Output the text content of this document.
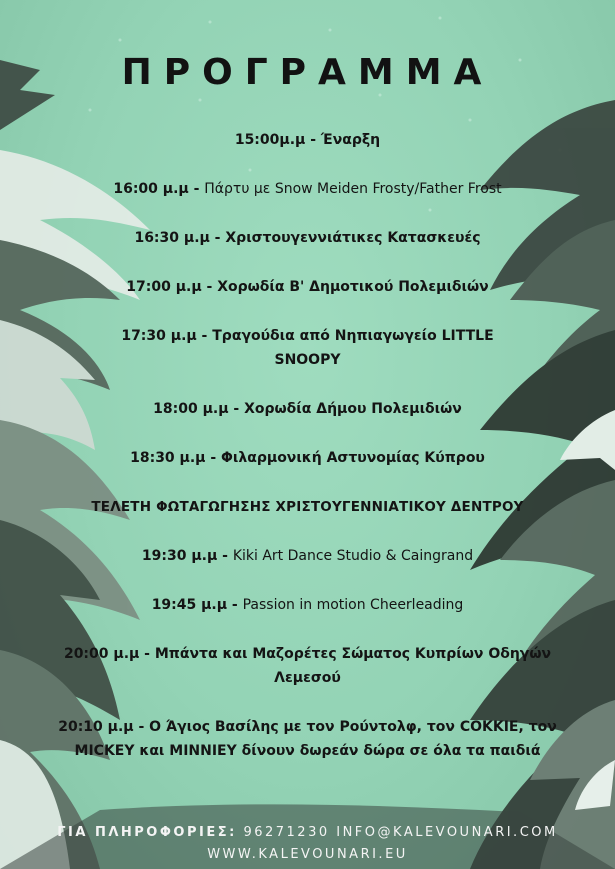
ΠΡΟΓΡΑΜΜΑ
15:00μ.μ - Έναρξη
16:00 μ.μ - Πάρτυ με Snow Meiden Frosty/Father Frost
16:30 μ.μ - Χριστουγεννιάτικες Κατασκευές
17:00 μ.μ - Χορωδία Β' Δημοτικού Πολεμιδιών
17:30 μ.μ - Τραγούδια από Νηπιαγωγείο LITTLE
SNOOPY
18:00 μ.μ - Χορωδία Δήμου Πολεμιδιών
18:30 μ.μ - Φιλαρμονική Αστυνομίας Κύπρου
ΤΕΛΕΤΗ ΦΩΤΑΓΩΓΗΣΗΣ ΧΡΙΣΤΟΥΓΕΝΝΙΑΤΙΚΟΥ ΔΕΝΤΡΟΥ
19:30 μ.μ - Kiki Art Dance Studio & Caingrand
19:45 μ.μ - Passion in motion Cheerleading
20:00 μ.μ - Μπάντα και Μαζορέτες Σώματος Κυπρίων Οδηγών
Λεμεσού
20:10 μ.μ - Ο Άγιος Βασίλης με τον Ρούντολφ, τον COKKIE, τον
MICKEY και MINNIEY δίνουν δωρεάν δώρα σε όλα τα παιδιά
ΓΙΑ ΠΛΗΡΟΦΟΡΙΕΣ: 96271230 INFO@KALEVOUNARI.COM
WWW.KALEVOUNARI.EU
